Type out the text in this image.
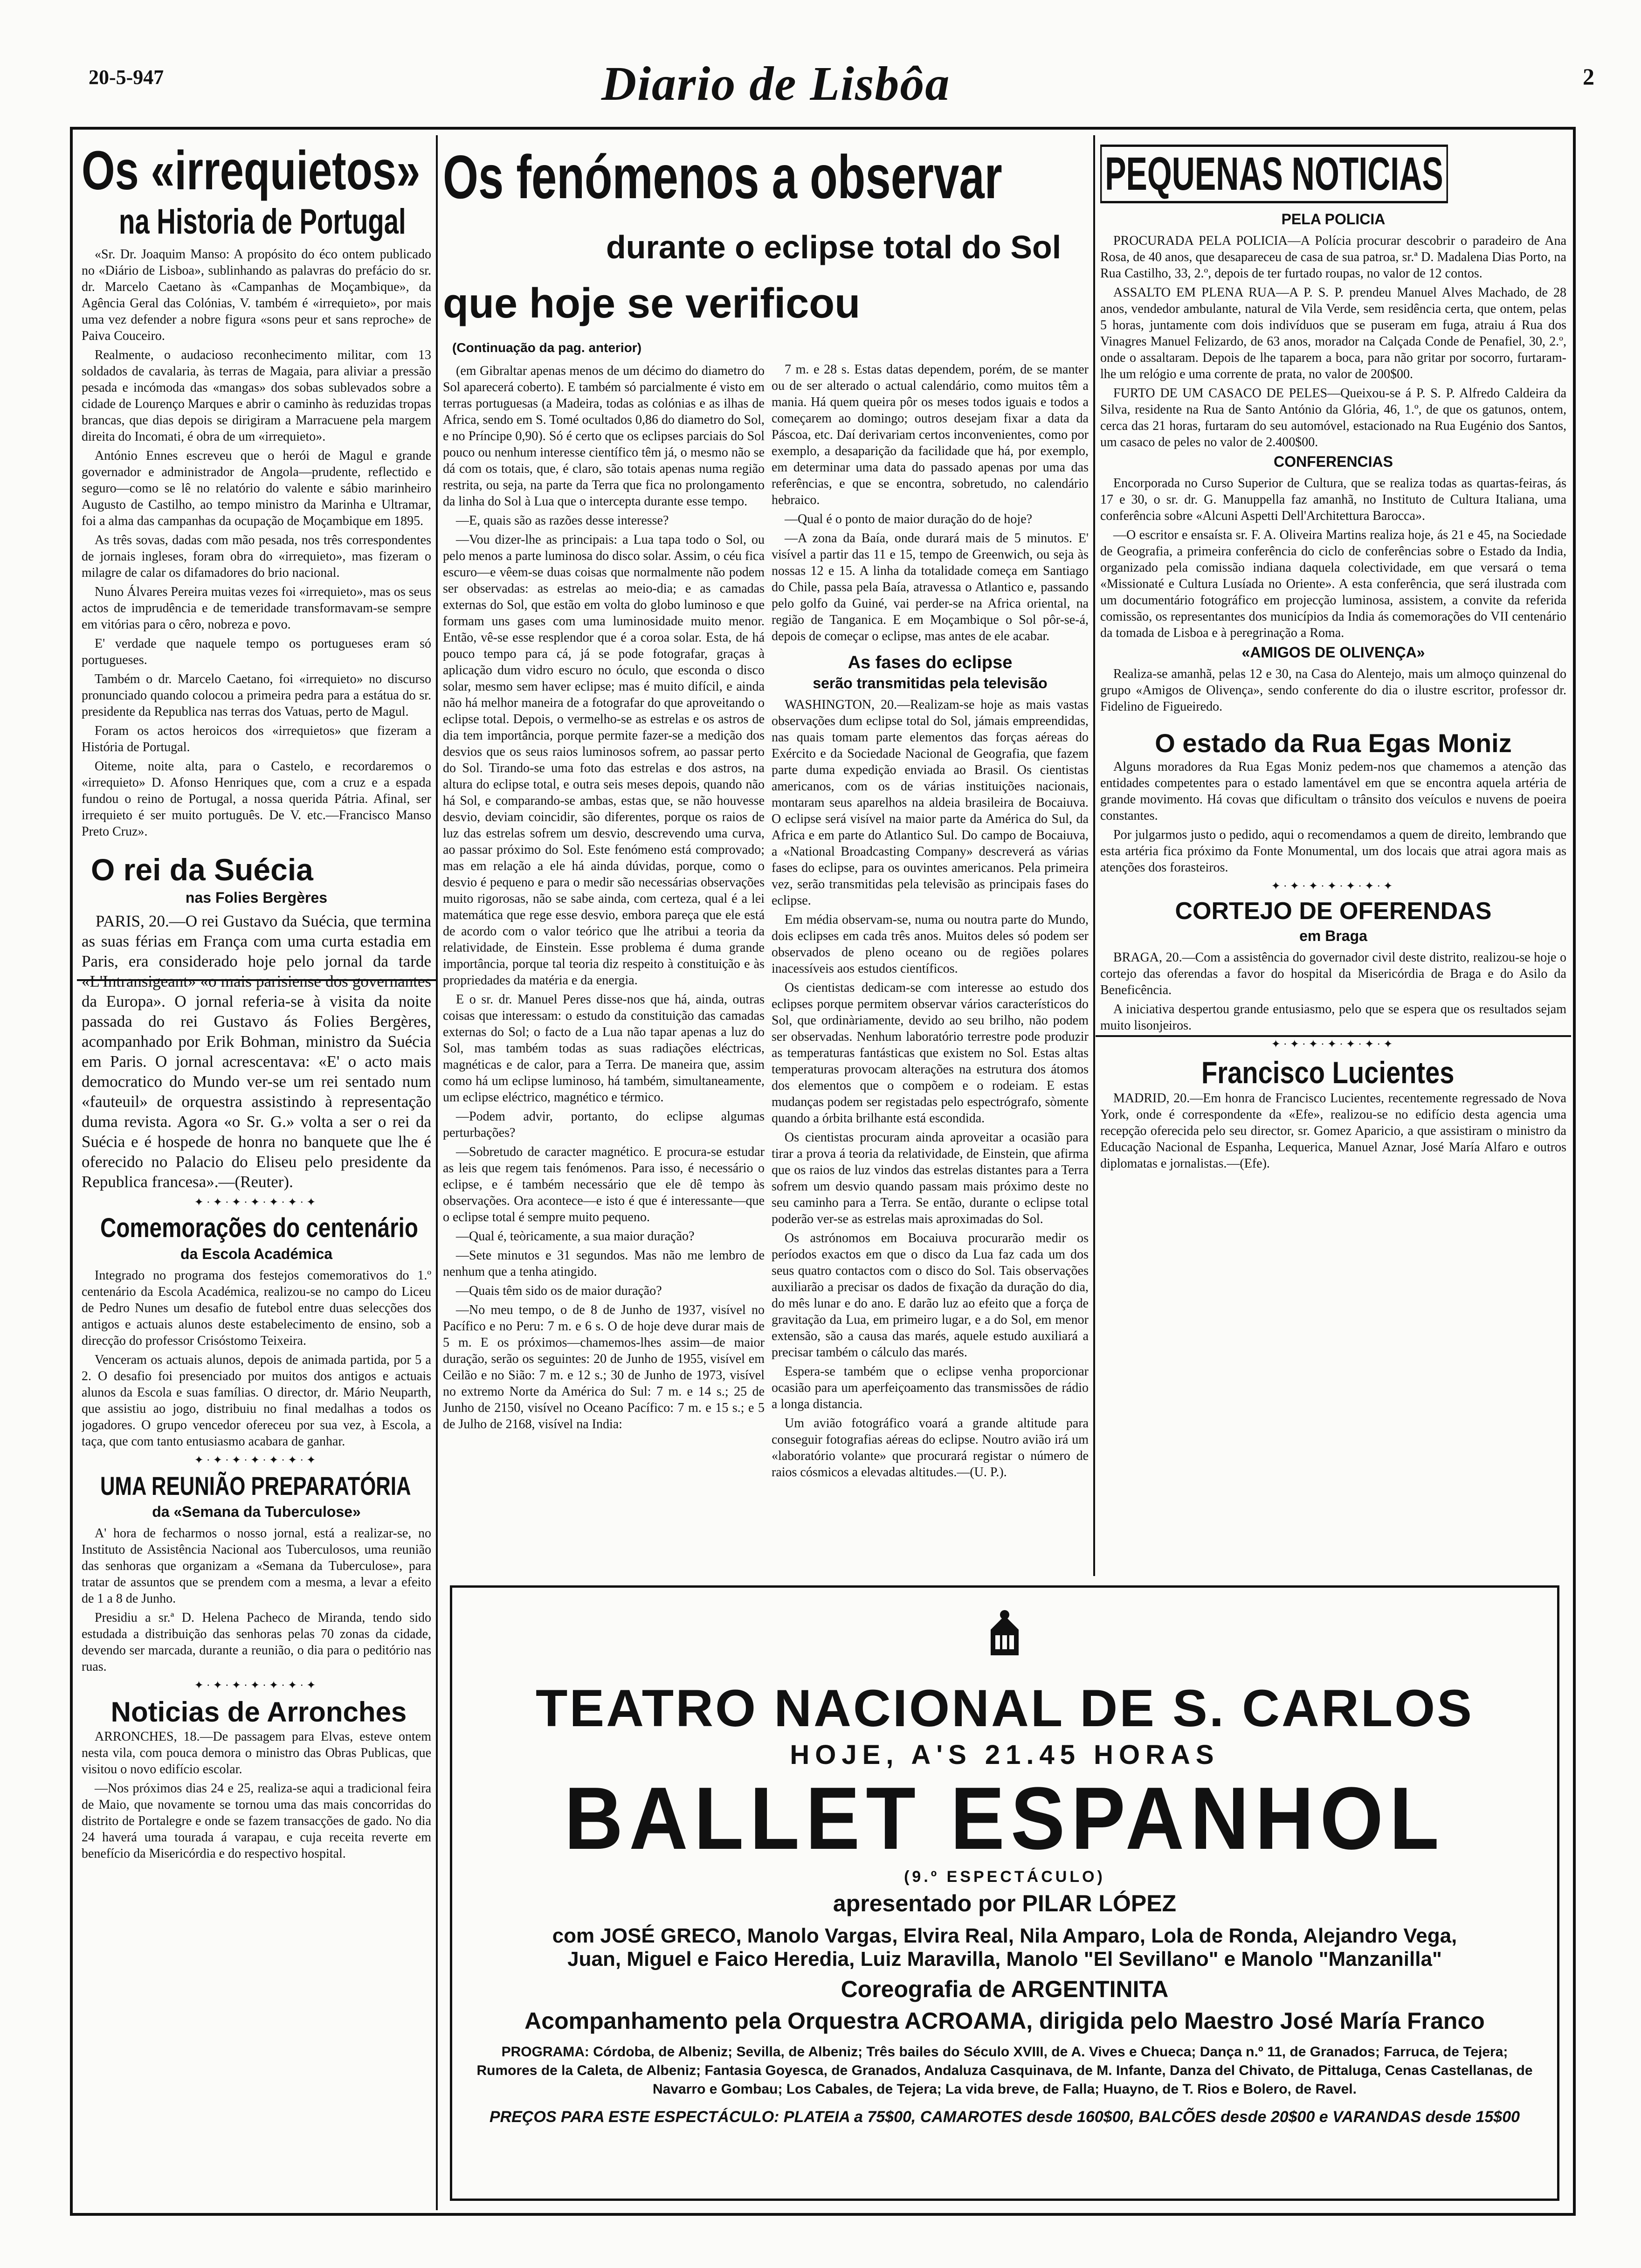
20-5-947	Diario de Lisbôa	2
Os «irrequietos»
na Historia de Portugal

«Sr. Dr. Joaquim Manso: A propósito do éco ontem publicado no «Diário de Lisboa», sublinhando as palavras do prefácio do sr. dr. Marcelo Caetano às «Campanhas de Moçambique», da Agência Geral das Colónias, V. também é «irrequieto», por mais uma vez defender a nobre figura «sons peur et sans reproche» de Paiva Couceiro.

Realmente, o audacioso reconhecimento militar, com 13 soldados de cavalaria, às terras de Magaia, para aliviar a pressão pesada e incómoda das «mangas» dos sobas sublevados sobre a cidade de Lourenço Marques e abrir o caminho às reduzidas tropas brancas, que dias depois se dirigiram a Marracuene pela margem direita do Incomati, é obra de um «irrequieto».

António Ennes escreveu que o herói de Magul e grande governador e administrador de Angola—prudente, reflectido e seguro—como se lê no relatório do valente e sábio marinheiro Augusto de Castilho, ao tempo ministro da Marinha e Ultramar, foi a alma das campanhas da ocupação de Moçambique em 1895.

As três sovas, dadas com mão pesada, nos três correspondentes de jornais ingleses, foram obra do «irrequieto», mas fizeram o milagre de calar os difamadores do brio nacional.

Nuno Álvares Pereira muitas vezes foi «irrequieto», mas os seus actos de imprudência e de temeridade transformavam-se sempre em vitórias para o cêro, nobreza e povo.

E' verdade que naquele tempo os portugueses eram só portugueses.

Também o dr. Marcelo Caetano, foi «irrequieto» no discurso pronunciado quando colocou a primeira pedra para a estátua do sr. presidente da Republica nas terras dos Vatuas, perto de Magul.

Foram os actos heroicos dos «irrequietos» que fizeram a História de Portugal.

Oiteme, noite alta, para o Castelo, e recordaremos o «irrequieto» D. Afonso Henriques que, com a cruz e a espada fundou o reino de Portugal, a nossa querida Pátria. Afinal, ser irrequieto é ser muito português. De V. etc.—Francisco Manso Preto Cruz».

O rei da Suécia
nas Folies Bergères

PARIS, 20.—O rei Gustavo da Suécia, que termina as suas férias em França com uma curta estadia em Paris, era considerado hoje pelo jornal da tarde «L'Intransigeant» «o mais parisiense dos governantes da Europa». O jornal referia-se à visita da noite passada do rei Gustavo ás Folies Bergères, acompanhado por Erik Bohman, ministro da Suécia em Paris. O jornal acrescentava: «E' o acto mais democratico do Mundo ver-se um rei sentado num «fauteuil» de orquestra assistindo à representação duma revista. Agora «o Sr. G.» volta a ser o rei da Suécia e é hospede de honra no banquete que lhe é oferecido no Palacio do Eliseu pelo presidente da Republica francesa».—(Reuter).

✦·✦·✦·✦·✦·✦·✦
Comemorações do centenário
da Escola Académica

Integrado no programa dos festejos comemorativos do 1.º centenário da Escola Académica, realizou-se no campo do Liceu de Pedro Nunes um desafio de futebol entre duas selecções dos antigos e actuais alunos deste estabelecimento de ensino, sob a direcção do professor Crisóstomo Teixeira.

Venceram os actuais alunos, depois de animada partida, por 5 a 2. O desafio foi presenciado por muitos dos antigos e actuais alunos da Escola e suas famílias. O director, dr. Mário Neuparth, que assistiu ao jogo, distribuiu no final medalhas a todos os jogadores. O grupo vencedor ofereceu por sua vez, à Escola, a taça, que com tanto entusiasmo acabara de ganhar.

✦·✦·✦·✦·✦·✦·✦
UMA REUNIÃO PREPARATÓRIA
da «Semana da Tuberculose»

A' hora de fecharmos o nosso jornal, está a realizar-se, no Instituto de Assistência Nacional aos Tuberculosos, uma reunião das senhoras que organizam a «Semana da Tuberculose», para tratar de assuntos que se prendem com a mesma, a levar a efeito de 1 a 8 de Junho.

Presidiu a sr.ª D. Helena Pacheco de Miranda, tendo sido estudada a distribuição das senhoras pelas 70 zonas da cidade, devendo ser marcada, durante a reunião, o dia para o peditório nas ruas.

✦·✦·✦·✦·✦·✦·✦
Noticias de Arronches

ARRONCHES, 18.—De passagem para Elvas, esteve ontem nesta vila, com pouca demora o ministro das Obras Publicas, que visitou o novo edifício escolar.

—Nos próximos dias 24 e 25, realiza-se aqui a tradicional feira de Maio, que novamente se tornou uma das mais concorridas do distrito de Portalegre e onde se fazem transacções de gado. No dia 24 haverá uma tourada á varapau, e cuja receita reverte em benefício da Misericórdia e do respectivo hospital.

Os fenómenos a observar
durante o eclipse total do Sol
que hoje se verificou
(Continuação da pag. anterior)

(em Gibraltar apenas menos de um décimo do diametro do Sol aparecerá coberto). E também só parcialmente é visto em terras portuguesas (a Madeira, todas as colónias e as ilhas de Africa, sendo em S. Tomé ocultados 0,86 do diametro do Sol, e no Príncipe 0,90). Só é certo que os eclipses parciais do Sol pouco ou nenhum interesse científico têm já, o mesmo não se dá com os totais, que, é claro, são totais apenas numa região restrita, ou seja, na parte da Terra que fica no prolongamento da linha do Sol à Lua que o intercepta durante esse tempo.

—E, quais são as razões desse interesse?

—Vou dizer-lhe as principais: a Lua tapa todo o Sol, ou pelo menos a parte luminosa do disco solar. Assim, o céu fica escuro—e vêem-se duas coisas que normalmente não podem ser observadas: as estrelas ao meio-dia; e as camadas externas do Sol, que estão em volta do globo luminoso e que formam uns gases com uma luminosidade muito menor. Então, vê-se esse resplendor que é a coroa solar. Esta, de há pouco tempo para cá, já se pode fotografar, graças à aplicação dum vidro escuro no óculo, que esconda o disco solar, mesmo sem haver eclipse; mas é muito difícil, e ainda não há melhor maneira de a fotografar do que aproveitando o eclipse total. Depois, o vermelho-se as estrelas e os astros de dia tem importância, porque permite fazer-se a medição dos desvios que os seus raios luminosos sofrem, ao passar perto do Sol. Tirando-se uma foto das estrelas e dos astros, na altura do eclipse total, e outra seis meses depois, quando não há Sol, e comparando-se ambas, estas que, se não houvesse desvio, deviam coincidir, são diferentes, porque os raios de luz das estrelas sofrem um desvio, descrevendo uma curva, ao passar próximo do Sol. Este fenómeno está comprovado; mas em relação a ele há ainda dúvidas, porque, como o desvio é pequeno e para o medir são necessárias observações muito rigorosas, não se sabe ainda, com certeza, qual é a lei matemática que rege esse desvio, embora pareça que ele está de acordo com o valor teórico que lhe atribui a teoria da relatividade, de Einstein. Esse problema é duma grande importância, porque tal teoria diz respeito à constituição e às propriedades da matéria e da energia.

E o sr. dr. Manuel Peres disse-nos que há, ainda, outras coisas que interessam: o estudo da constituição das camadas externas do Sol; o facto de a Lua não tapar apenas a luz do Sol, mas também todas as suas radiações eléctricas, magnéticas e de calor, para a Terra. De maneira que, assim como há um eclipse luminoso, há também, simultaneamente, um eclipse eléctrico, magnético e térmico.

—Podem advir, portanto, do eclipse algumas perturbações?

—Sobretudo de caracter magnético. E procura-se estudar as leis que regem tais fenómenos. Para isso, é necessário o eclipse, e é também necessário que ele dê tempo às observações. Ora acontece—e isto é que é interessante—que o eclipse total é sempre muito pequeno.

—Qual é, teòricamente, a sua maior duração?

—Sete minutos e 31 segundos. Mas não me lembro de nenhum que a tenha atingido.

—Quais têm sido os de maior duração?

—No meu tempo, o de 8 de Junho de 1937, visível no Pacífico e no Peru: 7 m. e 6 s. O de hoje deve durar mais de 5 m. E os próximos—chamemos-lhes assim—de maior duração, serão os seguintes: 20 de Junho de 1955, visível em Ceilão e no Sião: 7 m. e 12 s.; 30 de Junho de 1973, visível no extremo Norte da América do Sul: 7 m. e 14 s.; 25 de Junho de 2150, visível no Oceano Pacífico: 7 m. e 15 s.; e 5 de Julho de 2168, visível na India:

7 m. e 28 s. Estas datas dependem, porém, de se manter ou de ser alterado o actual calendário, como muitos têm a mania. Há quem queira pôr os meses todos iguais e todos a começarem ao domingo; outros desejam fixar a data da Páscoa, etc. Daí derivariam certos inconvenientes, como por exemplo, a desaparição da facilidade que há, por exemplo, em determinar uma data do passado apenas por uma das referências, e que se encontra, sobretudo, no calendário hebraico.

—Qual é o ponto de maior duração do de hoje?

—A zona da Baía, onde durará mais de 5 minutos. E' visível a partir das 11 e 15, tempo de Greenwich, ou seja às nossas 12 e 15. A linha da totalidade começa em Santiago do Chile, passa pela Baía, atravessa o Atlantico e, passando pelo golfo da Guiné, vai perder-se na Africa oriental, na região de Tanganica. E em Moçambique o Sol pôr-se-á, depois de começar o eclipse, mas antes de ele acabar.

As fases do eclipse
serão transmitidas pela televisão

WASHINGTON, 20.—Realizam-se hoje as mais vastas observações dum eclipse total do Sol, jámais empreendidas, nas quais tomam parte elementos das forças aéreas do Exército e da Sociedade Nacional de Geografia, que fazem parte duma expedição enviada ao Brasil. Os cientistas americanos, com os de várias instituições nacionais, montaram seus aparelhos na aldeia brasileira de Bocaiuva. O eclipse será visível na maior parte da América do Sul, da Africa e em parte do Atlantico Sul. Do campo de Bocaiuva, a «National Broadcasting Company» descreverá as várias fases do eclipse, para os ouvintes americanos. Pela primeira vez, serão transmitidas pela televisão as principais fases do eclipse.

Em média observam-se, numa ou noutra parte do Mundo, dois eclipses em cada três anos. Muitos deles só podem ser observados de pleno oceano ou de regiões polares inacessíveis aos estudos científicos.

Os cientistas dedicam-se com interesse ao estudo dos eclipses porque permitem observar vários característicos do Sol, que ordinàriamente, devido ao seu brilho, não podem ser observadas. Nenhum laboratório terrestre pode produzir as temperaturas fantásticas que existem no Sol. Estas altas temperaturas provocam alterações na estrutura dos átomos dos elementos que o compõem e o rodeiam. E estas mudanças podem ser registadas pelo espectrógrafo, sòmente quando a órbita brilhante está escondida.

Os cientistas procuram ainda aproveitar a ocasião para tirar a prova á teoria da relatividade, de Einstein, que afirma que os raios de luz vindos das estrelas distantes para a Terra sofrem um desvio quando passam mais próximo deste no seu caminho para a Terra. Se então, durante o eclipse total poderão ver-se as estrelas mais aproximadas do Sol.

Os astrónomos em Bocaiuva procurarão medir os períodos exactos em que o disco da Lua faz cada um dos seus quatro contactos com o disco do Sol. Tais observações auxiliarão a precisar os dados de fixação da duração do dia, do mês lunar e do ano. E darão luz ao efeito que a força de gravitação da Lua, em primeiro lugar, e a do Sol, em menor extensão, são a causa das marés, aquele estudo auxiliará a precisar também o cálculo das marés.

Espera-se também que o eclipse venha proporcionar ocasião para um aperfeiçoamento das transmissões de rádio a longa distancia.

Um avião fotográfico voará a grande altitude para conseguir fotografias aéreas do eclipse. Noutro avião irá um «laboratório volante» que procurará registar o número de raios cósmicos a elevadas altitudes.—(U. P.).

PEQUENAS NOTICIAS
PELA POLICIA

PROCURADA PELA POLICIA—A Polícia procurar descobrir o paradeiro de Ana Rosa, de 40 anos, que desapareceu de casa de sua patroa, sr.ª D. Madalena Dias Porto, na Rua Castilho, 33, 2.º, depois de ter furtado roupas, no valor de 12 contos.

ASSALTO EM PLENA RUA—A P. S. P. prendeu Manuel Alves Machado, de 28 anos, vendedor ambulante, natural de Vila Verde, sem residência certa, que ontem, pelas 5 horas, juntamente com dois indivíduos que se puseram em fuga, atraiu á Rua dos Vinagres Manuel Felizardo, de 63 anos, morador na Calçada Conde de Penafiel, 30, 2.º, onde o assaltaram. Depois de lhe taparem a boca, para não gritar por socorro, furtaram-lhe um relógio e uma corrente de prata, no valor de 200$00.

FURTO DE UM CASACO DE PELES—Queixou-se á P. S. P. Alfredo Caldeira da Silva, residente na Rua de Santo António da Glória, 46, 1.º, de que os gatunos, ontem, cerca das 21 horas, furtaram do seu automóvel, estacionado na Rua Eugénio dos Santos, um casaco de peles no valor de 2.400$00.

CONFERENCIAS

Encorporada no Curso Superior de Cultura, que se realiza todas as quartas-feiras, ás 17 e 30, o sr. dr. G. Manuppella faz amanhã, no Instituto de Cultura Italiana, uma conferência sobre «Alcuni Aspetti Dell'Architettura Barocca».

—O escritor e ensaísta sr. F. A. Oliveira Martins realiza hoje, ás 21 e 45, na Sociedade de Geografia, a primeira conferência do ciclo de conferências sobre o Estado da India, organizado pela comissão indiana daquela colectividade, em que versará o tema «Missionaté e Cultura Lusíada no Oriente». A esta conferência, que será ilustrada com um documentário fotográfico em projecção luminosa, assistem, a convite da referida comissão, os representantes dos municípios da India ás comemorações do VII centenário da tomada de Lisboa e à peregrinação a Roma.

«AMIGOS DE OLIVENÇA»

Realiza-se amanhã, pelas 12 e 30, na Casa do Alentejo, mais um almoço quinzenal do grupo «Amigos de Olivença», sendo conferente do dia o ilustre escritor, professor dr. Fidelino de Figueiredo.

O estado da Rua Egas Moniz

Alguns moradores da Rua Egas Moniz pedem-nos que chamemos a atenção das entidades competentes para o estado lamentável em que se encontra aquela artéria de grande movimento. Há covas que dificultam o trânsito dos veículos e nuvens de poeira constantes.

Por julgarmos justo o pedido, aqui o recomendamos a quem de direito, lembrando que esta artéria fica próximo da Fonte Monumental, um dos locais que atrai agora mais as atenções dos forasteiros.

✦·✦·✦·✦·✦·✦·✦
CORTEJO DE OFERENDAS
em Braga

BRAGA, 20.—Com a assistência do governador civil deste distrito, realizou-se hoje o cortejo das oferendas a favor do hospital da Misericórdia de Braga e do Asilo da Beneficência.

A iniciativa despertou grande entusiasmo, pelo que se espera que os resultados sejam muito lisonjeiros.

✦·✦·✦·✦·✦·✦·✦
Francisco Lucientes

MADRID, 20.—Em honra de Francisco Lucientes, recentemente regressado de Nova York, onde é correspondente da «Efe», realizou-se no edifício desta agencia uma recepção oferecida pelo seu director, sr. Gomez Aparicio, a que assistiram o ministro da Educação Nacional de Espanha, Lequerica, Manuel Aznar, José María Alfaro e outros diplomatas e jornalistas.—(Efe).

TEATRO NACIONAL DE S. CARLOS
HOJE, A'S 21.45 HORAS
BALLET ESPANHOL
(9.º ESPECTÁCULO)
apresentado por PILAR LÓPEZ
com JOSÉ GRECO, Manolo Vargas, Elvira Real, Nila Amparo, Lola de Ronda, Alejandro Vega,
Juan, Miguel e Faico Heredia, Luiz Maravilla, Manolo "El Sevillano" e Manolo "Manzanilla"
Coreografia de ARGENTINITA
Acompanhamento pela Orquestra ACROAMA, dirigida pelo Maestro José María Franco
PROGRAMA: Córdoba, de Albeniz; Sevilla, de Albeniz; Três bailes do Século XVIII, de A. Vives e Chueca; Dança n.º 11, de Granados; Farruca, de Tejera; Rumores de la Caleta, de Albeniz; Fantasia Goyesca, de Granados, Andaluza Casquinava, de M. Infante, Danza del Chivato, de Pittaluga, Cenas Castellanas, de Navarro e Gombau; Los Cabales, de Tejera; La vida breve, de Falla; Huayno, de T. Rios e Bolero, de Ravel.
PREÇOS PARA ESTE ESPECTÁCULO: PLATEIA a 75$00, CAMAROTES desde 160$00, BALCÕES desde 20$00 e VARANDAS desde 15$00
